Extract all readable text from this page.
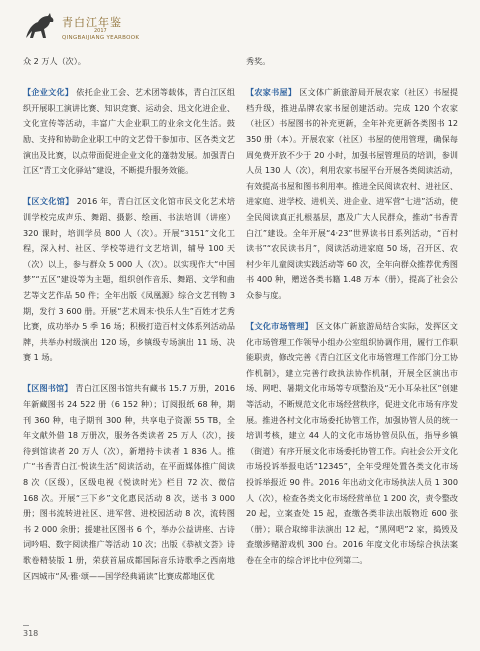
青白江年鉴
2017
QINGBAIJIANG YEARBOOK

众 2 万人（次）。

【企业文化】 依托企业工会、艺术团等载体，青白江区组织开展职工演讲比赛、知识竞赛、运动会、迅文化进企业、文化宣传等活动，丰富广大企业职工的业余文化生活。鼓励、支持和协助企业职工中的文艺骨干参加市、区各类文艺演出及比赛，以点带面促进企业文化的蓬勃发展。加强青白江区“青工文化驿站”建设，不断提升服务效能。

【区文化馆】 2016 年，青白江区文化馆市民文化艺术培训学校完成声乐、舞蹈、摄影、绘画、书法培训（讲座）320 课时，培训学员 800 人（次）。开展“3151”文化工程，深入村、社区、学校等进行文艺培训，辅导 100 天（次）以上，参与群众 5 000 人（次）。以实现作大“中国梦”“五区”建设等为主题，组织创作音乐、舞蹈、文学和曲艺等文艺作品 50 件；全年出版《凤凰源》综合文艺刊物 3 期，发行 3 600 册。开展“艺术周末·快乐人生”百姓才艺秀比赛，成功举办 5 季 16 场；积极打造百村文体系列活动品牌，共举办村级演出 120 场，乡镇级专场演出 11 场、决赛 1 场。

【区图书馆】 青白江区图书馆共有藏书 15.7 万册，2016 年新藏图书 24 522 册（6 152 种）；订阅报纸 68 种，期刊 360 种，电子期刊 300 种，共享电子资源 55 TB，全年文献外借 18 万册次，服务各类读者 25 万人（次），接待到馆读者 20 万人（次），新增持卡读者 1 836 人。推广“书香青白江·悦读生活”阅读活动，在平面媒体推广阅读 8 次（区级），区级电视《悦读时光》栏目 72 次、微信 168 次。开展“三下乡”文化惠民活动 8 次，送书 3 000 册；图书流转进社区、进军营、进校园活动 8 次，流转图书 2 000 余册；援建社区图书 6 个，举办公益讲座、古诗词吟唱、数字阅读推广等活动 10 次；出版《恭祯文荟》诗歌卷精装版 1 册，荣获首届成都国际音乐诗歌季之西南地区四城市“风·雅·颂——国学经典诵读”比赛成都地区优

秀奖。

【农家书屋】 区文体广新旅游局开展农家（社区）书屋提档升级，推进品牌农家书屋创建活动。完成 120 个农家（社区）书屋图书的补充更新，全年补充更新各类图书 12 350 册（本）。开展农家（社区）书屋的使用管理，确保每周免费开放不少于 20 小时，加强书屋管理员的培训，参训人员 130 人（次），利用农家书屋平台开展各类阅读活动，有效提高书屋和图书利用率。推进全民阅读农村、进社区、进家庭、进学校、进机关、进企业、进军营“七进”活动，使全民阅读真正扎根基层，惠及广大人民群众，推动“书香青白江”建设。全年开展“4·23”世界读书日系列活动，“百村读书”“农民读书月”，阅读活动进家庭 50 场，召开区、农村少年儿童阅读实践活动等 60 次，全年向群众推荐优秀图书 400 种，赠送各类书籍 1.48 万本（册），提高了社会公众参与度。

【文化市场管理】 区文体广新旅游局结合实际，发挥区文化市场管理工作领导小组办公室组织协调作用，履行工作职能职责，修改完善《青白江区文化市场管理工作部门分工协作机制》，建立完善行政执法协作机制，开展全区演出市场、网吧、暑期文化市场等专项整治及“无小耳朵社区”创建等活动，不断规范文化市场经营秩序，促进文化市场有序发展。推进各村文化市场委托协管工作，加强协管人员的统一培训考核，建立 44 人的文化市场协管员队伍，指导乡镇（街道）有序开展文化市场委托协管工作。向社会公开文化市场投诉举报电话“12345”，全年受理处置各类文化市场投诉举报近 90 件。2016 年出动文化市场执法人员 1 300 人（次），检查各类文化市场经营单位 1 200 次，责令整改 20 起，立案查处 15 起，查缴各类非法出版物近 600 张（册）；联合取缔非法演出 12 起，“黑网吧”2 家，捣毁及查缴涉赌游戏机 300 台。2016 年度文化市场综合执法案卷在全市的综合评比中位列第二。

318
